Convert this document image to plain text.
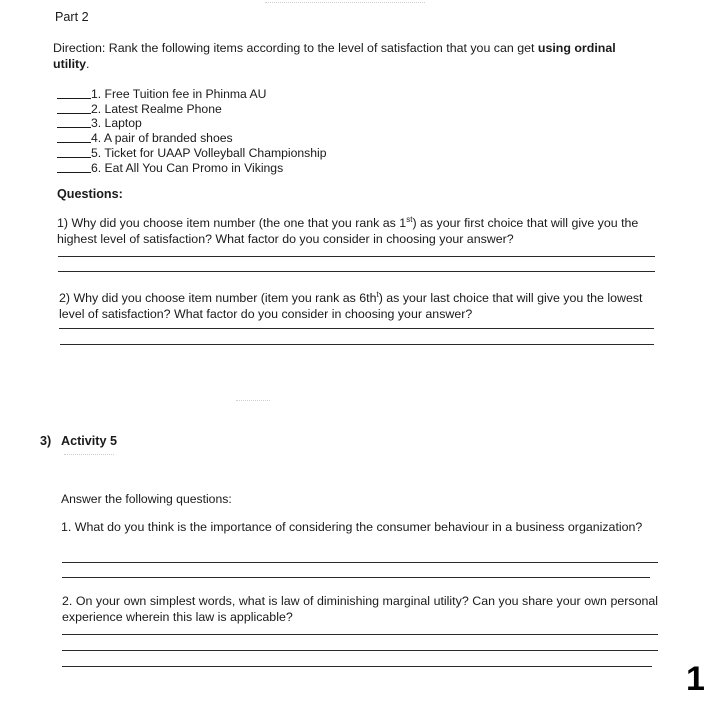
Part 2
Direction: Rank the following items according to the level of satisfaction that you can get using ordinal utility.
1. Free Tuition fee in Phinma AU
2. Latest Realme Phone
3. Laptop
4. A pair of branded shoes
5. Ticket for UAAP Volleyball Championship
6. Eat All You Can Promo in Vikings
Questions:
1) Why did you choose item number (the one that you rank as 1st) as your first choice that will give you the highest level of satisfaction? What factor do you consider in choosing your answer?
2) Why did you choose item number (item you rank as $6th^t$) as your last choice that will give you the lowest level of satisfaction? What factor do you consider in choosing your answer?
3) Activity 5
Answer the following questions:
1. What do you think is the importance of considering the consumer behaviour in a business organization?
2. On your own simplest words, what is law of diminishing marginal utility? Can you share your own personal experience wherein this law is applicable?
1
